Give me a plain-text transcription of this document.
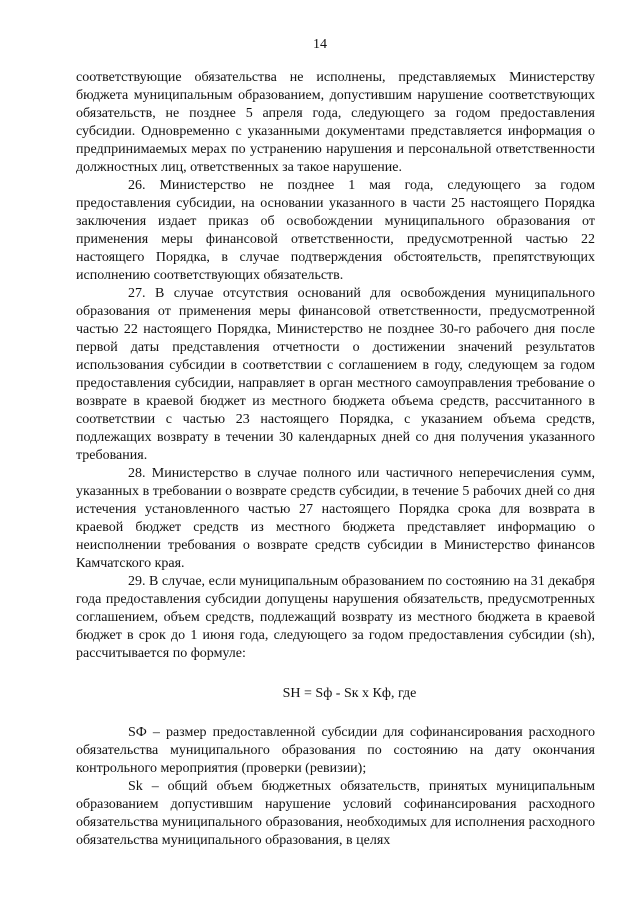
14

соответствующие обязательства не исполнены, представляемых Министерству бюджета муниципальным образованием, допустившим нарушение соответствующих обязательств, не позднее 5 апреля года, следующего за годом предоставления субсидии. Одновременно с указанными документами представляется информация о предпринимаемых мерах по устранению нарушения и персональной ответственности должностных лиц, ответственных за такое нарушение.

26. Министерство не позднее 1 мая года, следующего за годом предоставления субсидии, на основании указанного в части 25 настоящего Порядка заключения издает приказ об освобождении муниципального образования от применения меры финансовой ответственности, предусмотренной частью 22 настоящего Порядка, в случае подтверждения обстоятельств, препятствующих исполнению соответствующих обязательств.

27. В случае отсутствия оснований для освобождения муниципального образования от применения меры финансовой ответственности, предусмотренной частью 22 настоящего Порядка, Министерство не позднее 30-го рабочего дня после первой даты представления отчетности о достижении значений результатов использования субсидии в соответствии с соглашением в году, следующем за годом предоставления субсидии, направляет в орган местного самоуправления требование о возврате в краевой бюджет из местного бюджета объема средств, рассчитанного в соответствии с частью 23 настоящего Порядка, с указанием объема средств, подлежащих возврату в течении 30 календарных дней со дня получения указанного требования.

28. Министерство в случае полного или частичного неперечисления сумм, указанных в требовании о возврате средств субсидии, в течение 5 рабочих дней со дня истечения установленного частью 27 настоящего Порядка срока для возврата в краевой бюджет средств из местного бюджета представляет информацию о неисполнении требования о возврате средств субсидии в Министерство финансов Камчатского края.

29. В случае, если муниципальным образованием по состоянию на 31 декабря года предоставления субсидии допущены нарушения обязательств, предусмотренных соглашением, объем средств, подлежащий возврату из местного бюджета в краевой бюджет в срок до 1 июня года, следующего за годом предоставления субсидии (sh), рассчитывается по формуле:

SH = Sф - Sк х Кф, где

SФ – размер предоставленной субсидии для софинансирования расходного обязательства муниципального образования по состоянию на дату окончания контрольного мероприятия (проверки (ревизии);

Sk – общий объем бюджетных обязательств, принятых муниципальным образованием допустившим нарушение условий софинансирования расходного обязательства муниципального образования, необходимых для исполнения расходного обязательства муниципального образования, в целях
